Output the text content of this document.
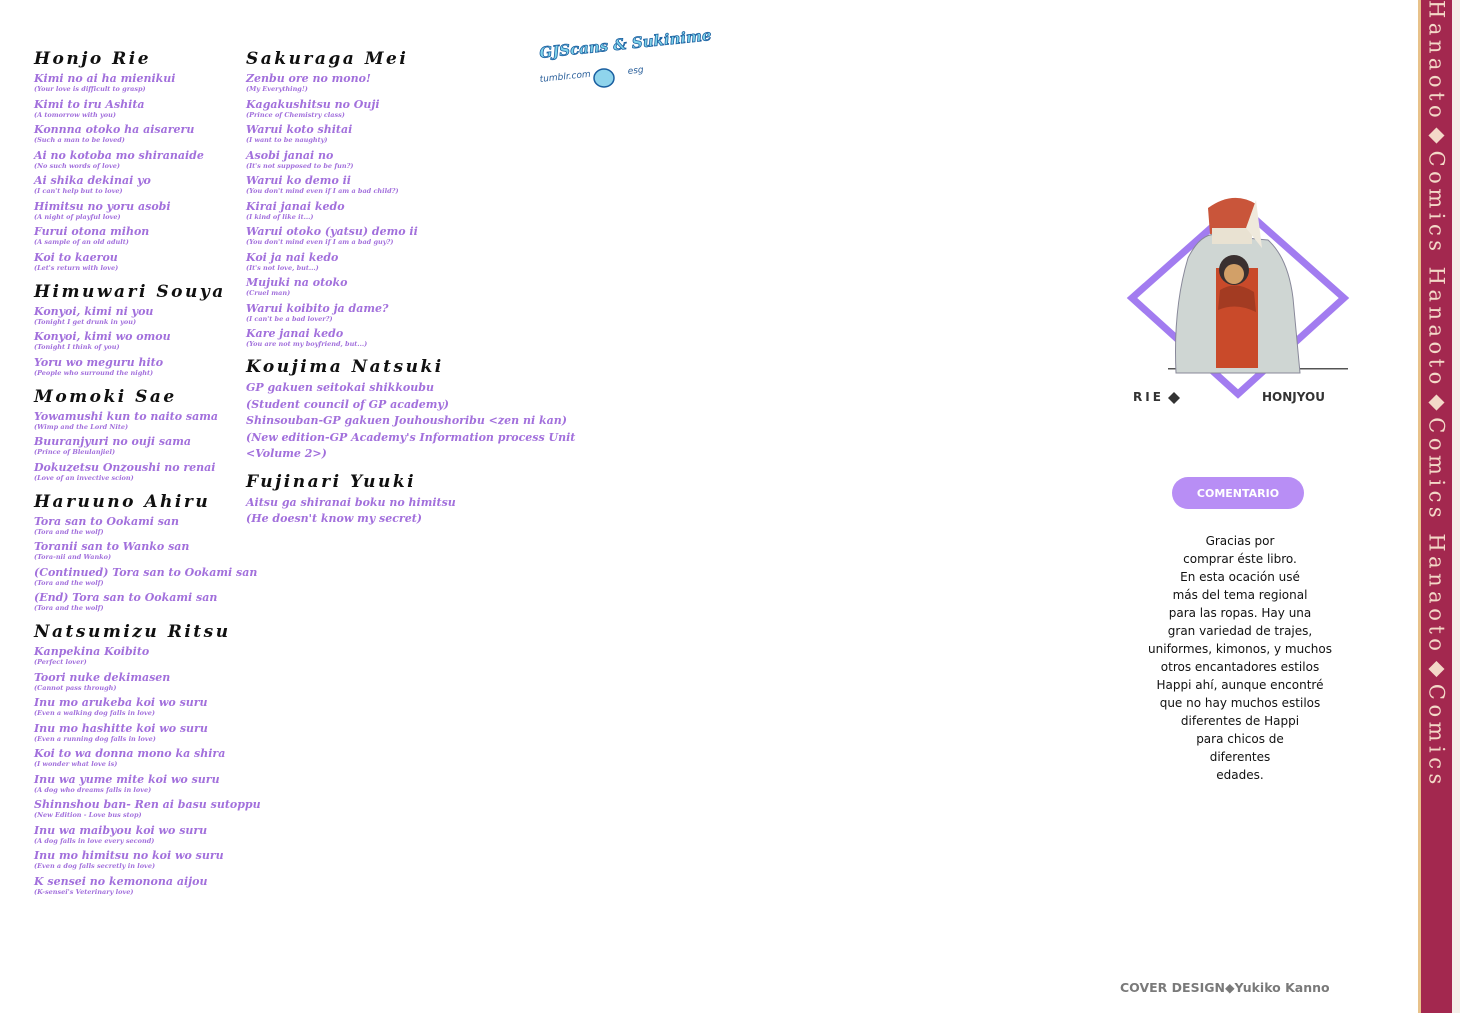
Honjo Rie
Kimi no ai ha mienikui
(Your love is difficult to grasp)
Kimi to iru Ashita
(A tomorrow with you)
Konnna otoko ha aisareru
(Such a man to be loved)
Ai no kotoba mo shiranaide
(No such words of love)
Ai shika dekinai yo
(I can't help but to love)
Himitsu no yoru asobi
(A night of playful love)
Furui otona mihon
(A sample of an old adult)
Koi to kaerou
(Let's return with love)
Himuwari Souya
Konyoi, kimi ni you
(Tonight I get drunk in you)
Konyoi, kimi wo omou
(Tonight I think of you)
Yoru wo meguru hito
(People who surround the night)
Momoki Sae
Yowamushi kun to naito sama
(Wimp and the Lord Nite)
Buuranjyuri no ouji sama
(Prince of Bleulanjiel)
Dokuzetsu Onzoushi no renai
(Love of an invective scion)
Haruuno Ahiru
Tora san to Ookami san
(Tora and the wolf)
Toranii san to Wanko san
(Tora-nii and Wanko)
(Continued) Tora san to Ookami san
(Tora and the wolf)
(End) Tora san to Ookami san
(Tora and the wolf)
Natsumizu Ritsu
Kanpekina Koibito
(Perfect lover)
Toori nuke dekimasen
(Cannot pass through)
Inu mo arukeba koi wo suru
(Even a walking dog falls in love)
Inu mo hashitte koi wo suru
(Even a running dog falls in love)
Koi to wa donna mono ka shira
(I wonder what love is)
Inu wa yume mite koi wo suru
(A dog who dreams falls in love)
Shinnshou ban- Ren ai basu sutoppu
(New Edition - Love bus stop)
Inu wa maibyou koi wo suru
(A dog falls in love every second)
Inu mo himitsu no koi wo suru
(Even a dog falls secretly in love)
K sensei no kemonona aijou
(K-sensei's Veterinary love)
Sakuraga Mei
Zenbu ore no mono!
(My Everything!)
Kagakushitsu no Ouji
(Prince of Chemistry class)
Warui koto shitai
(I want to be naughty)
Asobi janai no
(It's not supposed to be fun?)
Warui ko demo ii
(You don't mind even if I am a bad child?)
Kirai janai kedo
(I kind of like it...)
Warui otoko (yatsu) demo ii
(You don't mind even if I am a bad guy?)
Koi ja nai kedo
(It's not love, but...)
Mujuki na otoko
(Cruel man)
Warui koibito ja dame?
(I can't be a bad lover?)
Kare janai kedo
(You are not my boyfriend, but...)
Koujima Natsuki
GP gakuen seitokai shikkoubu
(Student council of GP academy)
Shinsouban-GP gakuen Jouhoushoribu <zen ni kan)
(New edition-GP Academy's Information process Unit
<Volume 2>)
Fujinari Yuuki
Aitsu ga shiranai boku no himitsu
(He doesn't know my secret)
GJScans & Sukinime
tumblr.com	esg
RIE	HONJYOU
COMENTARIO
Gracias por
comprar éste libro.
En esta ocación usé
más del tema regional
para las ropas. Hay una
gran variedad de trajes,
uniformes, kimonos, y muchos
otros encantadores estilos
Happi ahí, aunque encontré
que no hay muchos estilos
diferentes de Happi
para chicos de
diferentes
edades.
COVER DESIGN◆Yukiko Kanno
Hanaoto◆Comics Hanaoto◆Comics Hanaoto◆Comics
